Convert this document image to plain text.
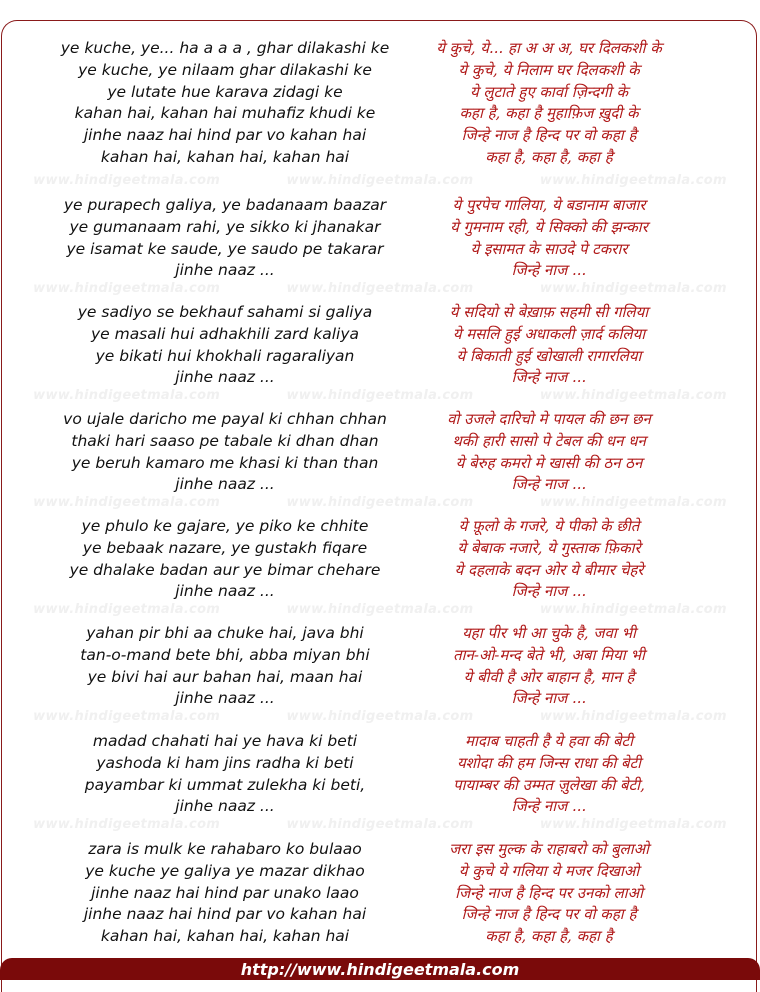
www.hindigeetmala.com	www.hindigeetmala.com	www.hindigeetmala.com
www.hindigeetmala.com	www.hindigeetmala.com	www.hindigeetmala.com
www.hindigeetmala.com	www.hindigeetmala.com	www.hindigeetmala.com
www.hindigeetmala.com	www.hindigeetmala.com	www.hindigeetmala.com
www.hindigeetmala.com	www.hindigeetmala.com	www.hindigeetmala.com
www.hindigeetmala.com	www.hindigeetmala.com	www.hindigeetmala.com
www.hindigeetmala.com	www.hindigeetmala.com	www.hindigeetmala.com
ye kuche, ye... ha a a a , ghar dilakashi ke
ye kuche, ye nilaam ghar dilakashi ke
ye lutate hue karava zidagi ke
kahan hai, kahan hai muhafiz khudi ke
jinhe naaz hai hind par vo kahan hai
kahan hai, kahan hai, kahan hai
ये कुचे, ये... हा अ अ अ, घर दिलकशी के
ये कुचे, ये निलाम घर दिलकशी के
ये लुटाते हुए कार्वा ज़िन्दगी के
कहा है, कहा है मुहाफ़िज ख़ुदी के
जिन्हे नाज है हिन्द पर वो कहा है
कहा है, कहा है, कहा है
ye purapech galiya, ye badanaam baazar
ye gumanaam rahi, ye sikko ki jhanakar
ye isamat ke saude, ye saudo pe takarar
jinhe naaz ...
ये पुरपेच गालिया, ये बडानाम बाजार
ये गुमनाम रही, ये सिक्को की झन्कार
ये इसामत के साउदे पे टकरार
जिन्हे नाज ...
ye sadiyo se bekhauf sahami si galiya
ye masali hui adhakhili zard kaliya
ye bikati hui khokhali ragaraliyan
jinhe naaz ...
ये सदियो से बेख़ाफ़ सहमी सी गलिया
ये मसलि हुई अधाकली ज़ार्द कलिया
ये बिकाती हुई खोखाली रागारलिया
जिन्हे नाज ...
vo ujale daricho me payal ki chhan chhan
thaki hari saaso pe tabale ki dhan dhan
ye beruh kamaro me khasi ki than than
jinhe naaz ...
वो उजले दारिचो मे पायल की छन छन
थकी हारी सासो पे टेबल की धन धन
ये बेरुह कमरो मे खासी की ठन ठन
जिन्हे नाज ...
ye phulo ke gajare, ye piko ke chhite
ye bebaak nazare, ye gustakh fiqare
ye dhalake badan aur ye bimar chehare
jinhe naaz ...
ये फ़ूलो के गजरे, ये पीको के छीते
ये बेबाक नजारे, ये गुस्ताक फ़िकारे
ये दहलाके बदन ओर ये बीमार चेहरे
जिन्हे नाज ...
yahan pir bhi aa chuke hai, java bhi
tan-o-mand bete bhi, abba miyan bhi
ye bivi hai aur bahan hai, maan hai
jinhe naaz ...
यहा पीर भी आ चुके है, जवा भी
तान-ओ-मन्द बेते भी, अबा मिया भी
ये बीवी है ओर बाहान है, मान है
जिन्हे नाज ...
madad chahati hai ye hava ki beti
yashoda ki ham jins radha ki beti
payambar ki ummat zulekha ki beti,
jinhe naaz ...
मादाब चाहती है ये हवा की बेटी
यशोदा की हम जिन्स राधा की बेटी
पायाम्बर की उम्मत ज़ुलेखा की बेटी,
जिन्हे नाज ...
zara is mulk ke rahabaro ko bulaao
ye kuche ye galiya ye mazar dikhao
jinhe naaz hai hind par unako laao
jinhe naaz hai hind par vo kahan hai
kahan hai, kahan hai, kahan hai
जरा इस मुल्क के राहाबरो को बुलाओ
ये कुचे ये गलिया ये मजर दिखाओ
जिन्हे नाज है हिन्द पर उनको लाओ
जिन्हे नाज है हिन्द पर वो कहा है
कहा है, कहा है, कहा है
http://www.hindigeetmala.com
